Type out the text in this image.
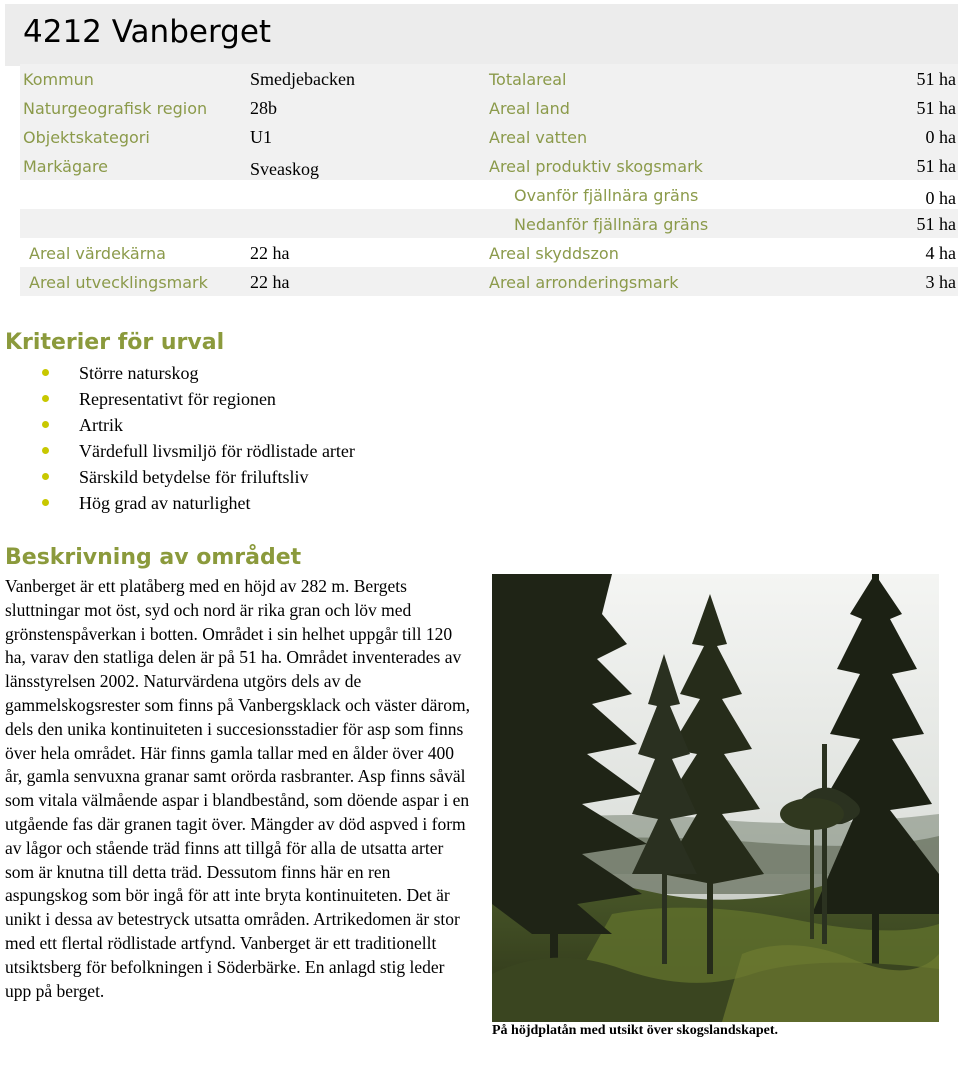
4212 Vanberget
Kommun	Smedjebacken	Totalareal	51 ha
Naturgeografisk region 28b	Areal land	51 ha
Objektskategori	U1	Areal vatten	0 ha
Markägare	Sveaskog	Areal produktiv skogsmark	51 ha
Ovanför fjällnära gräns	0 ha
Nedanför fjällnära gräns	51 ha
Areal värdekärna	22 ha	Areal skyddszon	4 ha
Areal utvecklingsmark 22 ha	Areal arronderingsmark	3 ha
Kriterier för urval
Större naturskog
Representativt för regionen
Artrik
Värdefull livsmiljö för rödlistade arter
Särskild betydelse för friluftsliv
Hög grad av naturlighet
Beskrivning av området
Vanberget är ett platåberg med en höjd av 282 m. Bergets sluttningar mot öst, syd och nord är rika gran och löv med grönstenspåverkan i botten. Området i sin helhet uppgår till 120 ha, varav den statliga delen är på 51 ha. Området inventerades av länsstyrelsen 2002. Naturvärdena utgörs dels av de gammelskogsrester som finns på Vanbergsklack och väster därom, dels den unika kontinuiteten i succesionsstadier för asp som finns över hela området. Här finns gamla tallar med en ålder över 400 år, gamla senvuxna granar samt orörda rasbranter. Asp finns såväl som vitala välmående aspar i blandbestånd, som döende aspar i en utgående fas där granen tagit över. Mängder av död aspved i form av lågor och stående träd finns att tillgå för alla de utsatta arter som är knutna till detta träd. Dessutom finns här en ren aspungskog som bör ingå för att inte bryta kontinuiteten. Det är unikt i dessa av betestryck utsatta områden. Artrikedomen är stor med ett flertal rödlistade artfynd. Vanberget är ett traditionellt utsiktsberg för befolkningen i Söderbärke. En anlagd stig leder upp på berget.
På höjdplatån med utsikt över skogslandskapet.
